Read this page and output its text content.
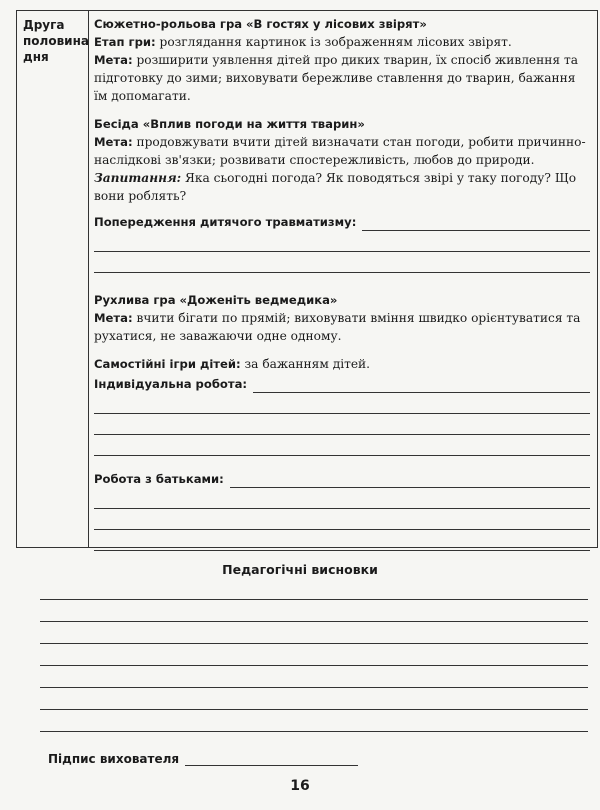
Друга половина дня

Сюжетно-рольова гра «В гостях у лісових звірят»

Етап гри: розглядання картинок із зображенням лісових звірят.

Мета: розширити уявлення дітей про диких тварин, їх спосіб живлення та підготовку до зими; виховувати бережливе ставлення до тварин, бажання їм допомагати.

Бесіда «Вплив погоди на життя тварин»

Мета: продовжувати вчити дітей визначати стан погоди, робити причинно-наслідкові зв'язки; розвивати спостережливість, любов до природи.

Запитання: Яка сьогодні погода? Як поводяться звірі у таку погоду? Що вони роблять?

Попередження дитячого травматизму:

Рухлива гра «Доженіть ведмедика»

Мета: вчити бігати по прямій; виховувати вміння швидко орієнтуватися та рухатися, не заважаючи одне одному.

Самостійні ігри дітей: за бажанням дітей.

Індивідуальна робота:
Робота з батьками:
Педагогічні висновки
Підпис вихователя
16
